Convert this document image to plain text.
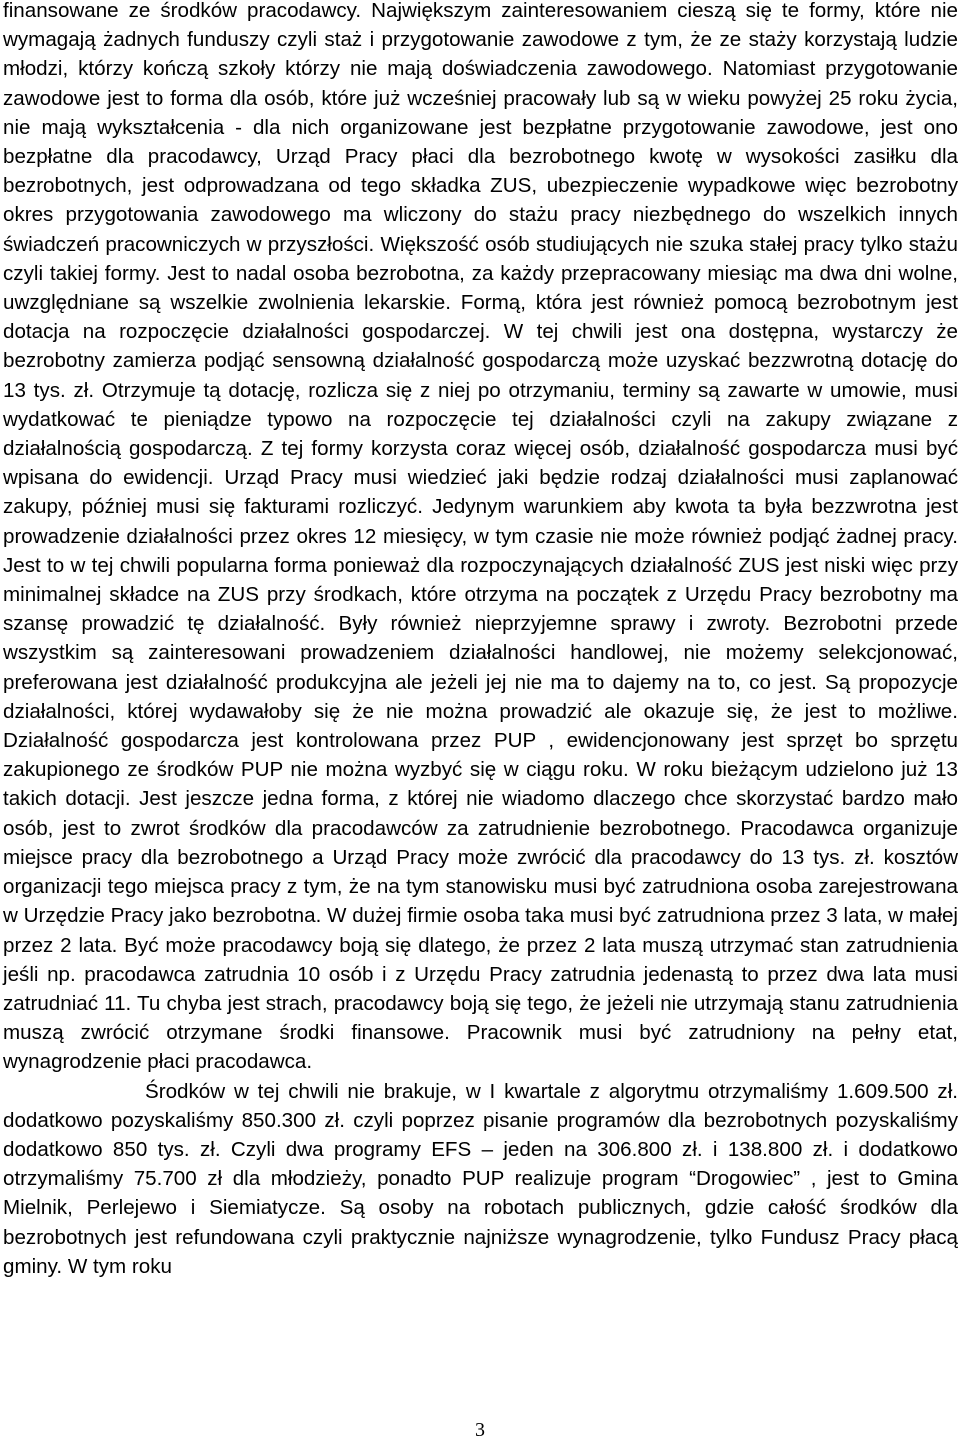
finansowane ze środków pracodawcy. Największym zainteresowaniem cieszą się te formy, które nie wymagają żadnych funduszy czyli staż i przygotowanie zawodowe z tym, że ze staży korzystają ludzie młodzi, którzy kończą szkoły którzy nie mają doświadczenia zawodowego. Natomiast przygotowanie zawodowe jest to forma dla osób, które już wcześniej pracowały lub są w wieku powyżej 25 roku życia, nie mają wykształcenia - dla nich organizowane jest bezpłatne przygotowanie zawodowe, jest ono bezpłatne dla pracodawcy, Urząd Pracy płaci dla bezrobotnego kwotę w wysokości zasiłku dla bezrobotnych, jest odprowadzana od tego składka ZUS, ubezpieczenie wypadkowe więc bezrobotny okres przygotowania zawodowego ma wliczony do stażu pracy niezbędnego do wszelkich innych świadczeń pracowniczych w przyszłości. Większość osób studiujących nie szuka stałej pracy tylko stażu czyli takiej formy. Jest to nadal osoba bezrobotna, za każdy przepracowany miesiąc ma dwa dni wolne, uwzględniane są wszelkie zwolnienia lekarskie. Formą, która jest również pomocą bezrobotnym jest dotacja na rozpoczęcie działalności gospodarczej. W tej chwili jest ona dostępna, wystarczy że bezrobotny zamierza podjąć sensowną działalność gospodarczą może uzyskać bezzwrotną dotację do 13 tys. zł. Otrzymuje tą dotację, rozlicza się z niej po otrzymaniu, terminy są zawarte w umowie, musi wydatkować te pieniądze typowo na rozpoczęcie tej działalności czyli na zakupy związane z działalnością gospodarczą. Z tej formy korzysta coraz więcej osób, działalność gospodarcza musi być wpisana do ewidencji. Urząd Pracy musi wiedzieć jaki będzie rodzaj działalności musi zaplanować zakupy, później musi się fakturami rozliczyć. Jedynym warunkiem aby kwota ta była bezzwrotna jest prowadzenie działalności przez okres 12 miesięcy, w tym czasie nie może również podjąć żadnej pracy. Jest to w tej chwili popularna forma ponieważ dla rozpoczynających działalność ZUS jest niski więc przy minimalnej składce na ZUS przy środkach, które otrzyma na początek z Urzędu Pracy bezrobotny ma szansę prowadzić tę działalność. Były również nieprzyjemne sprawy i zwroty. Bezrobotni przede wszystkim są zainteresowani prowadzeniem działalności handlowej, nie możemy selekcjonować, preferowana jest działalność produkcyjna ale jeżeli jej nie ma to dajemy na to, co jest. Są propozycje działalności, której wydawałoby się że nie można prowadzić ale okazuje się, że jest to możliwe. Działalność gospodarcza jest kontrolowana przez PUP , ewidencjonowany jest sprzęt bo sprzętu zakupionego ze środków PUP nie można wyzbyć się w ciągu roku. W roku bieżącym udzielono już 13 takich dotacji. Jest jeszcze jedna forma, z której nie wiadomo dlaczego chce skorzystać bardzo mało osób, jest to zwrot środków dla pracodawców za zatrudnienie bezrobotnego. Pracodawca organizuje miejsce pracy dla bezrobotnego a Urząd Pracy może zwrócić dla pracodawcy do 13 tys. zł. kosztów organizacji tego miejsca pracy z tym, że na tym stanowisku musi być zatrudniona osoba zarejestrowana w Urzędzie Pracy jako bezrobotna. W dużej firmie osoba taka musi być zatrudniona przez 3 lata, w małej przez 2 lata. Być może pracodawcy boją się dlatego, że przez 2 lata muszą utrzymać stan zatrudnienia jeśli np. pracodawca zatrudnia 10 osób i z Urzędu Pracy zatrudnia jedenastą to przez dwa lata musi zatrudniać 11. Tu chyba jest strach, pracodawcy boją się tego, że jeżeli nie utrzymają stanu zatrudnienia muszą zwrócić otrzymane środki finansowe. Pracownik musi być zatrudniony na pełny etat, wynagrodzenie płaci pracodawca.

Środków w tej chwili nie brakuje, w I kwartale z algorytmu otrzymaliśmy 1.609.500 zł. dodatkowo pozyskaliśmy 850.300 zł. czyli poprzez pisanie programów dla bezrobotnych pozyskaliśmy dodatkowo 850 tys. zł. Czyli dwa programy EFS – jeden na 306.800 zł. i 138.800 zł. i dodatkowo otrzymaliśmy 75.700 zł dla młodzieży, ponadto PUP realizuje program “Drogowiec” , jest to Gmina Mielnik, Perlejewo i Siemiatycze. Są osoby na robotach publicznych, gdzie całość środków dla bezrobotnych jest refundowana czyli praktycznie najniższe wynagrodzenie, tylko Fundusz Pracy płacą gminy. W tym roku

3
